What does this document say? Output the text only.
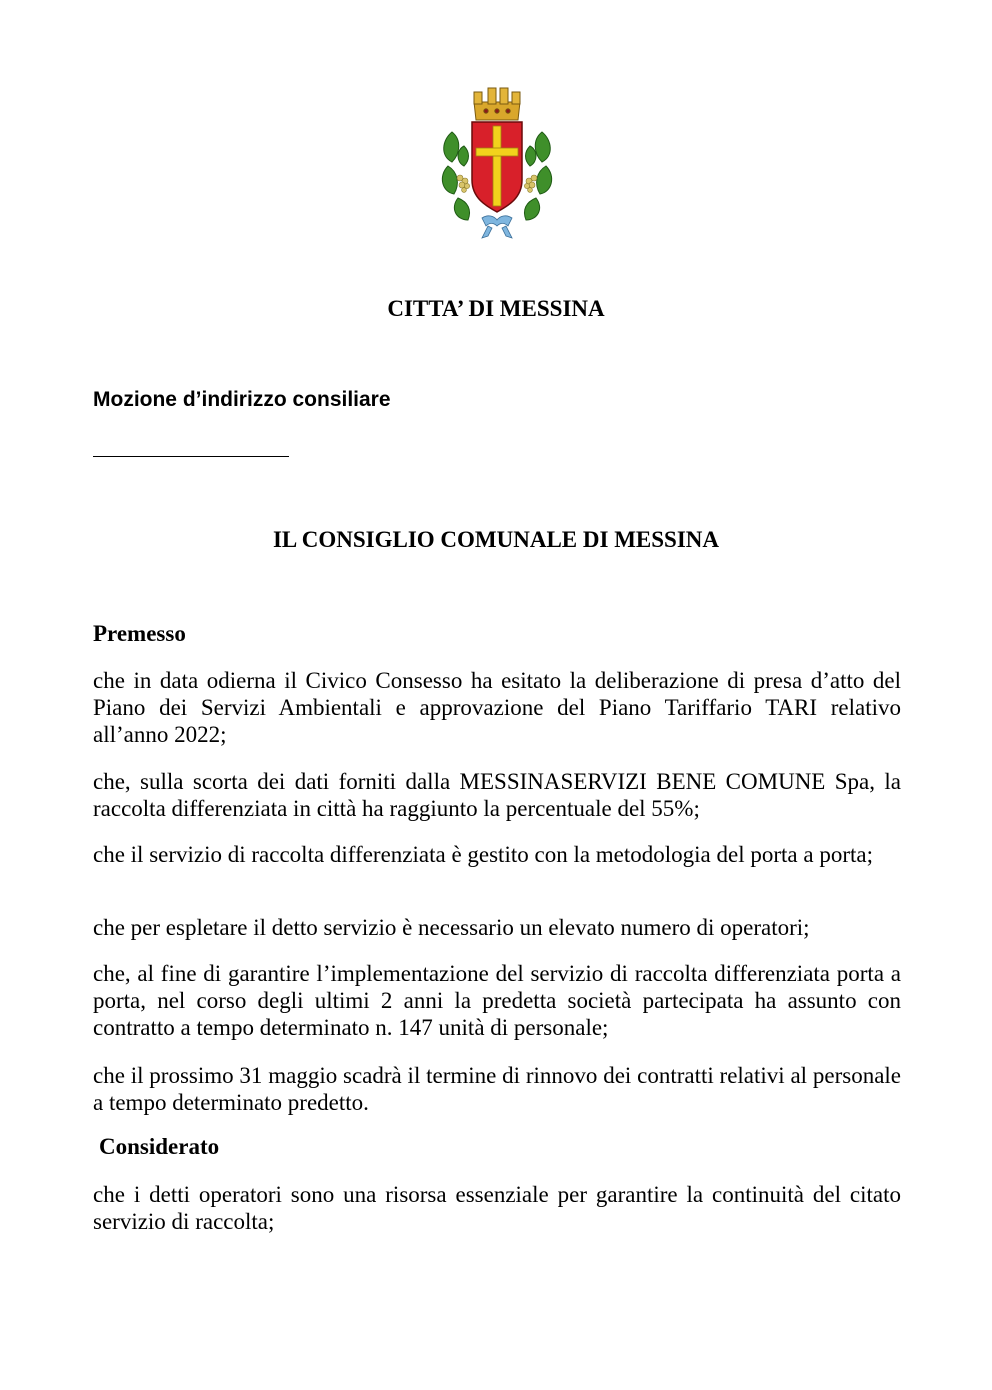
CITTA’ DI MESSINA
Mozione d’indirizzo consiliare
IL CONSIGLIO COMUNALE DI MESSINA
Premesso
che in data odierna il Civico Consesso ha esitato la deliberazione di presa d’atto del Piano dei Servizi Ambientali e approvazione del Piano Tariffario TARI relativo all’anno 2022;
che, sulla scorta dei dati forniti dalla MESSINASERVIZI BENE COMUNE Spa, la raccolta differenziata in città ha raggiunto la percentuale del 55%;
che il servizio di raccolta differenziata è gestito con la metodologia del porta a porta;
che per espletare il detto servizio è necessario un elevato numero di operatori;
che, al fine di garantire l’implementazione del servizio di raccolta differenziata porta a porta, nel corso degli ultimi 2 anni la predetta società partecipata ha assunto con contratto a tempo determinato n. 147 unità di personale;
che il prossimo 31 maggio scadrà il termine di rinnovo dei contratti relativi al personale a tempo determinato predetto.
Considerato
che i detti operatori sono una risorsa essenziale per garantire la continuità del citato servizio di raccolta;
